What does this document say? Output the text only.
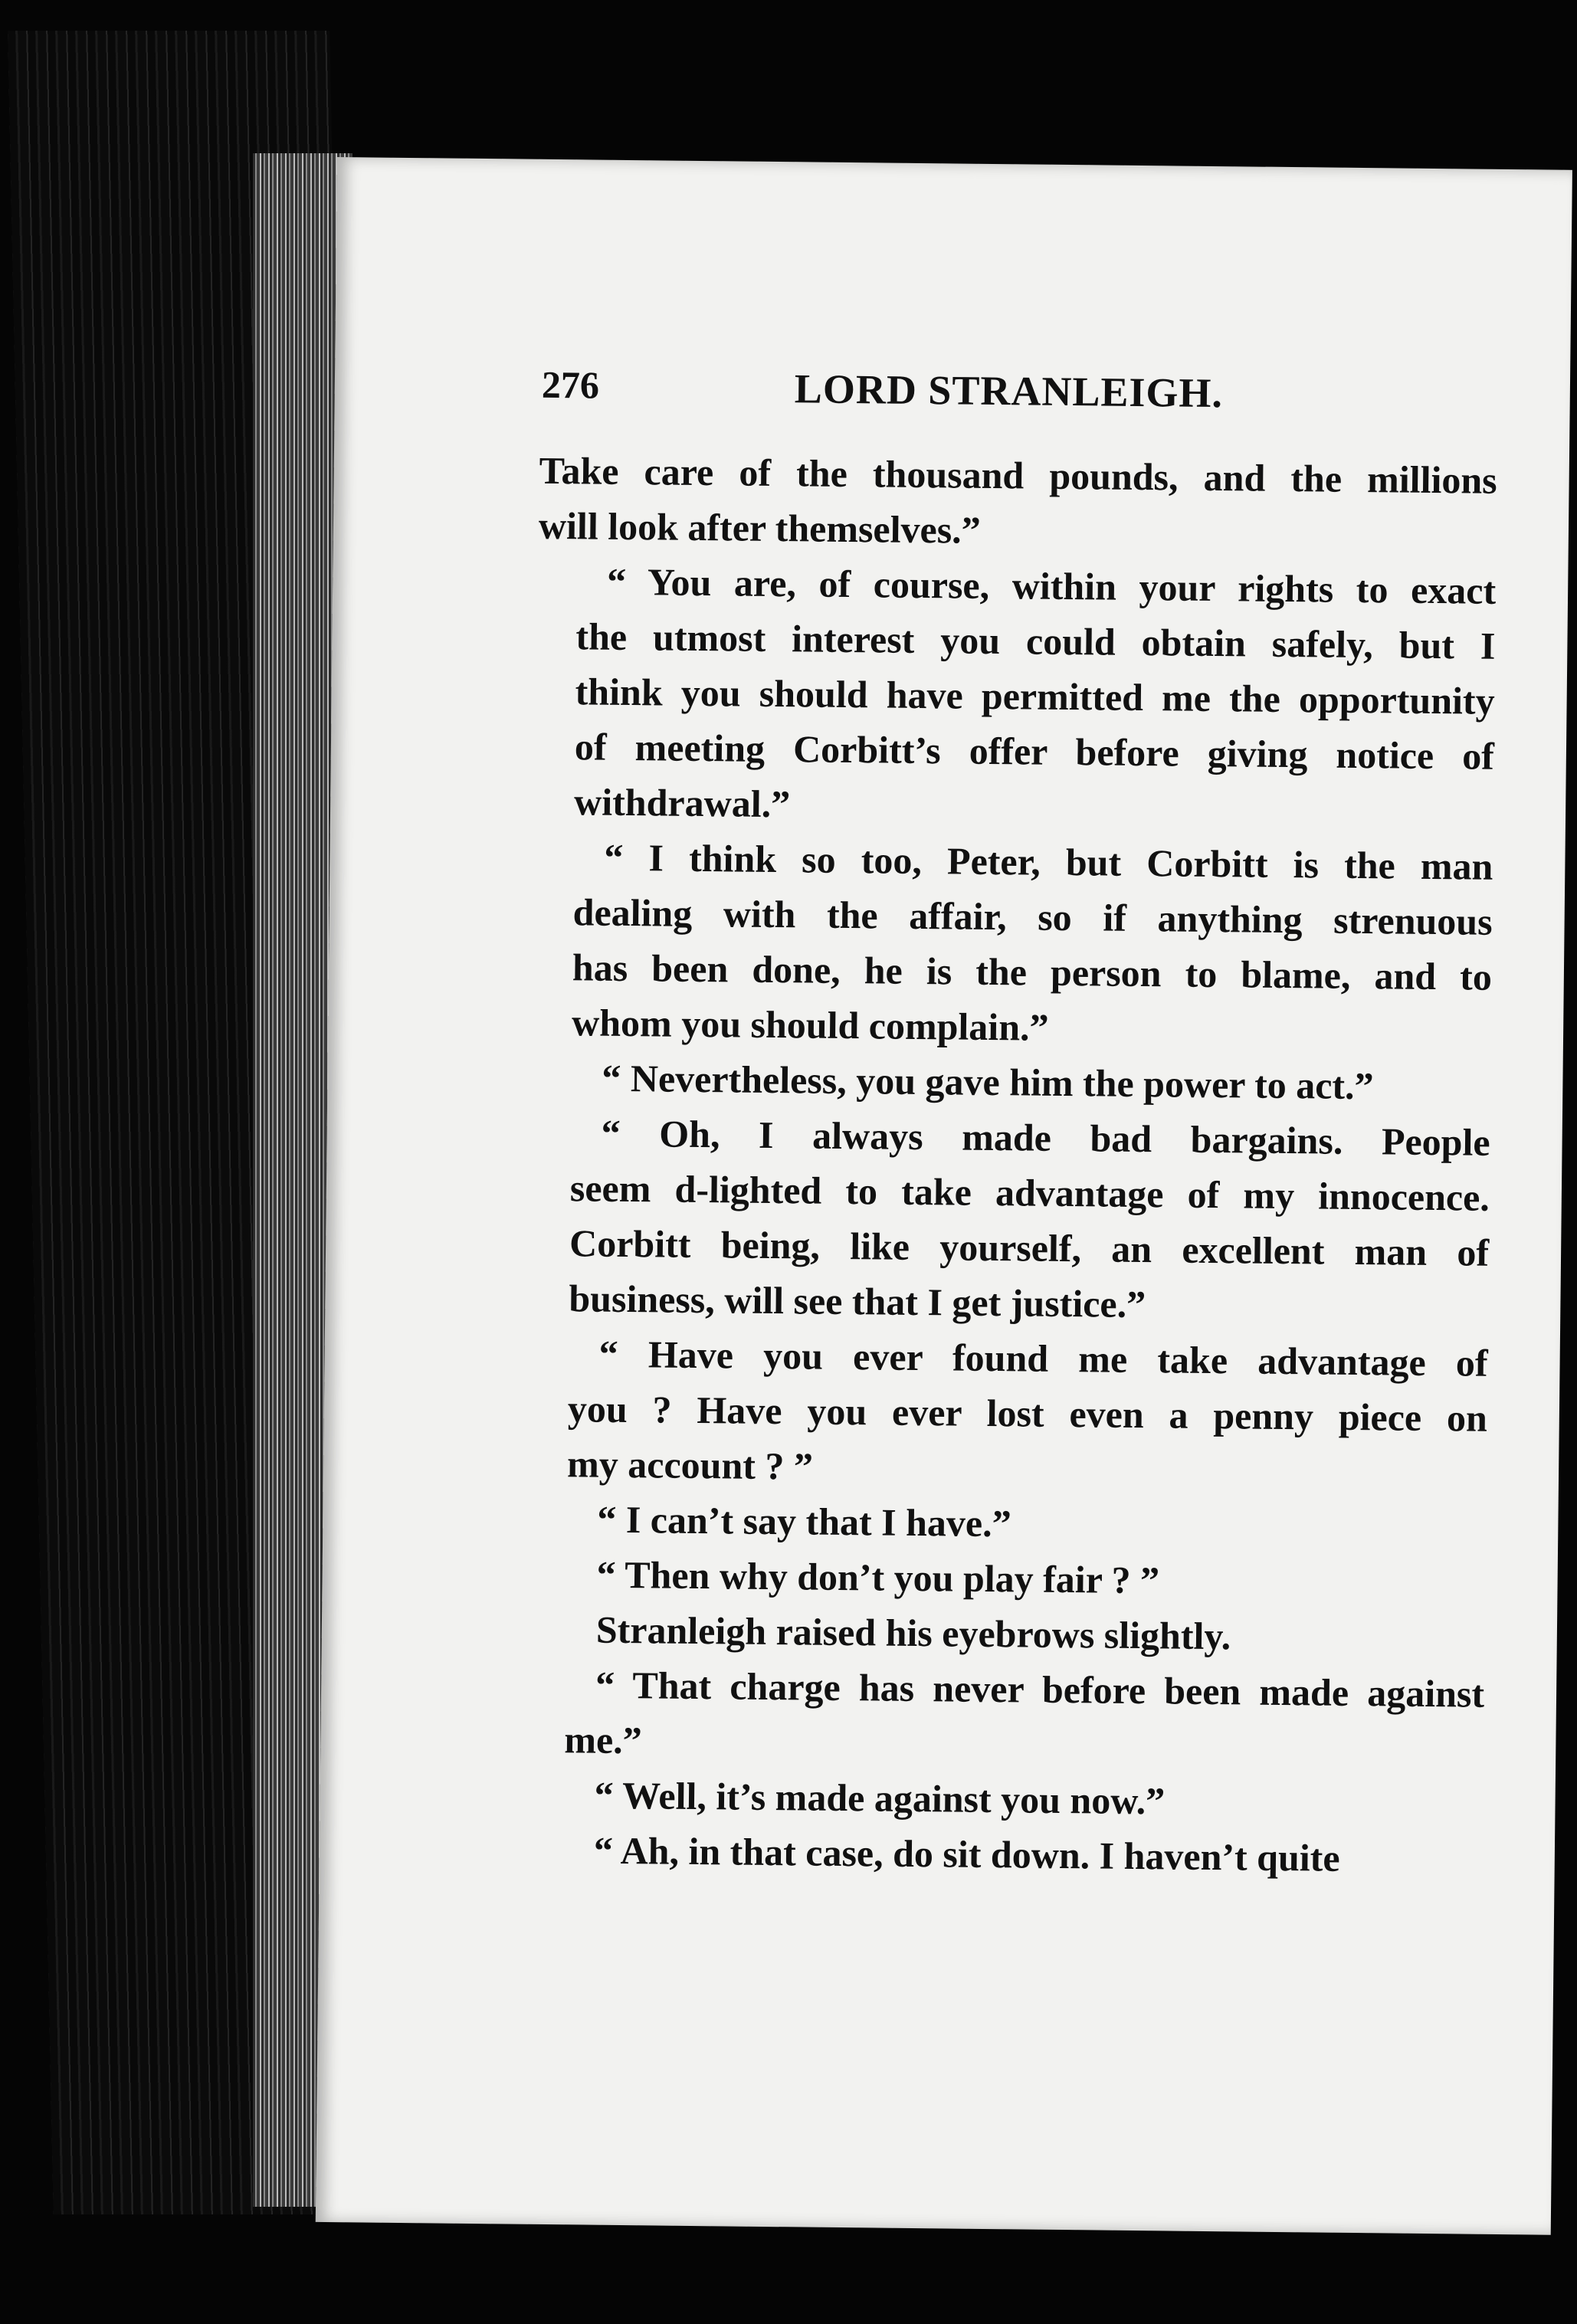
276	LORD STRANLEIGH.
Take care of the thousand pounds, and the millions
will look after themselves.”
“ You are, of course, within your rights to exact
the utmost interest you could obtain safely, but I
think you should have permitted me the opportunity
of meeting Corbitt’s offer before giving notice of
withdrawal.”
“ I think so too, Peter, but Corbitt is the man
dealing with the affair, so if anything strenuous
has been done, he is the person to blame, and to
whom you should complain.”
“ Nevertheless, you gave him the power to act.”
“ Oh, I always made bad bargains. People
seem d-lighted to take advantage of my innocence.
Corbitt being, like yourself, an excellent man of
business, will see that I get justice.”
“ Have you ever found me take advantage of
you ? Have you ever lost even a penny piece on
my account ? ”
“ I can’t say that I have.”
“ Then why don’t you play fair ? ”
Stranleigh raised his eyebrows slightly.
“ That charge has never before been made against
me.”
“ Well, it’s made against you now.”
“ Ah, in that case, do sit down. I haven’t quite
